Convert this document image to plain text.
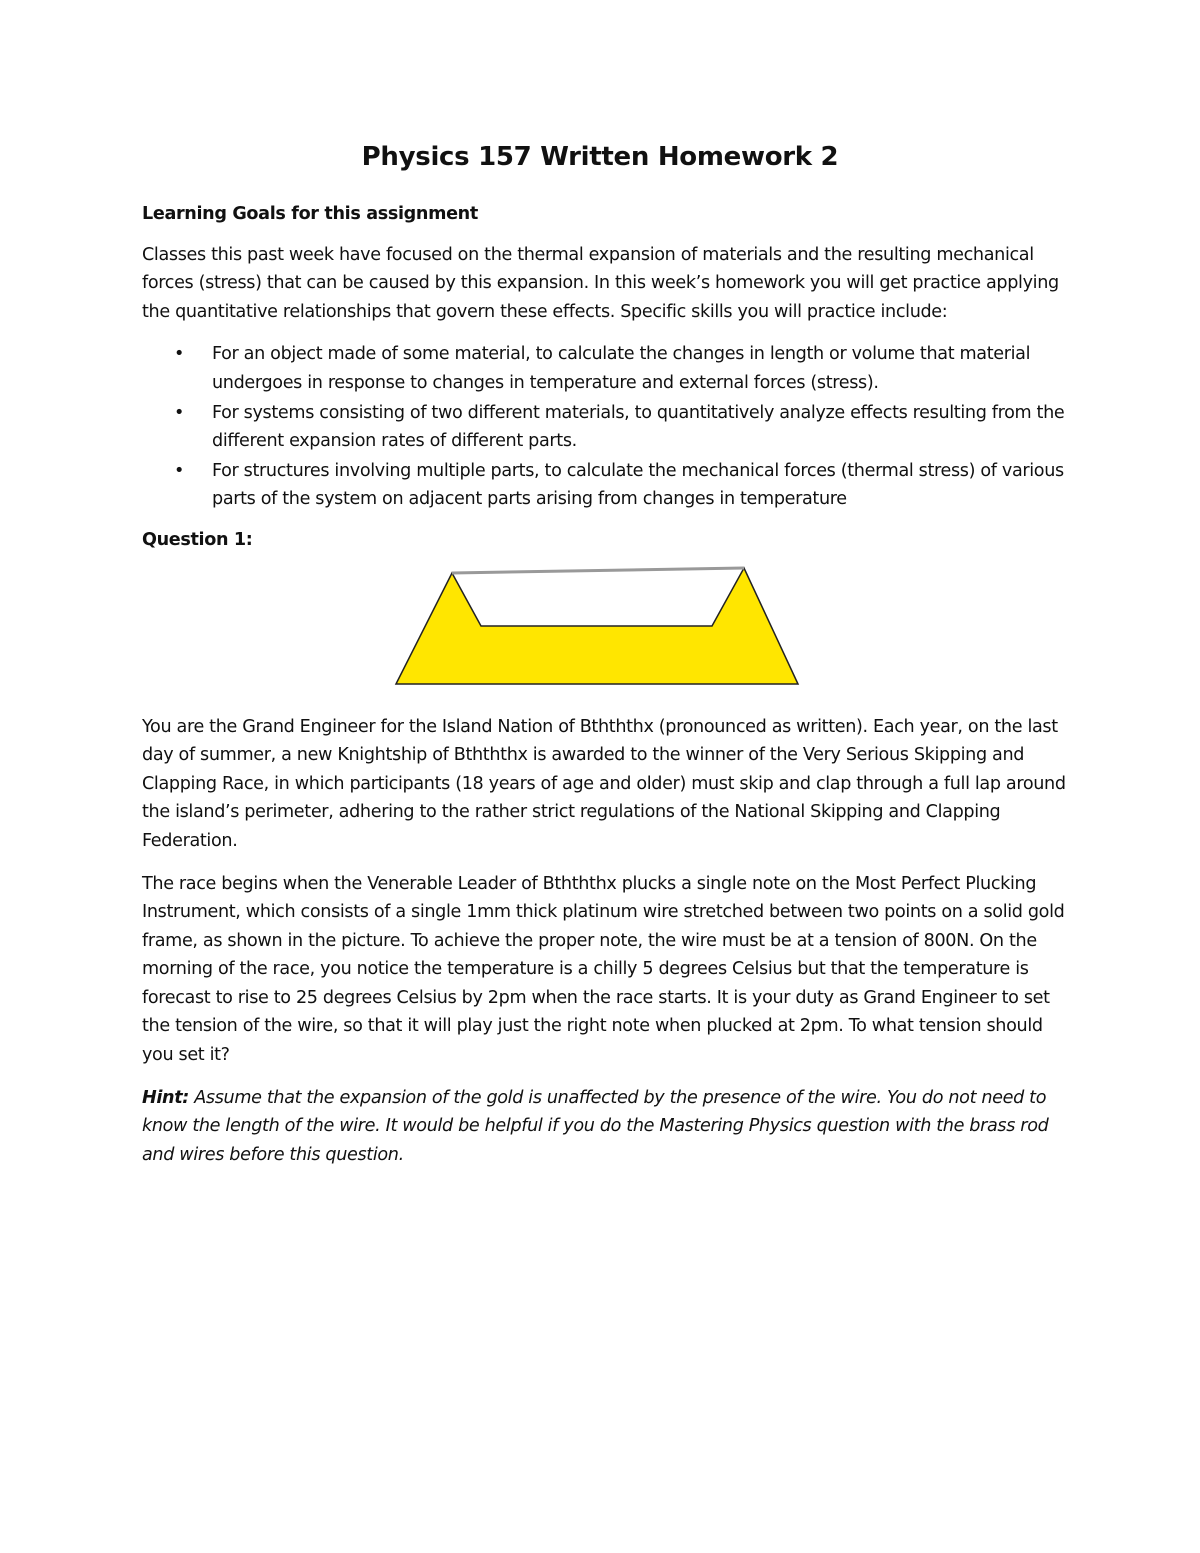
Physics 157 Written Homework 2

Learning Goals for this assignment

Classes this past week have focused on the thermal expansion of materials and the resulting mechanical forces (stress) that can be caused by this expansion. In this week’s homework you will get practice applying the quantitative relationships that govern these effects. Specific skills you will practice include:

• For an object made of some material, to calculate the changes in length or volume that material undergoes in response to changes in temperature and external forces (stress).
• For systems consisting of two different materials, to quantitatively analyze effects resulting from the different expansion rates of different parts.
• For structures involving multiple parts, to calculate the mechanical forces (thermal stress) of various parts of the system on adjacent parts arising from changes in temperature

Question 1:

You are the Grand Engineer for the Island Nation of Bthththx (pronounced as written). Each year, on the last day of summer, a new Knightship of Bthththx is awarded to the winner of the Very Serious Skipping and Clapping Race, in which participants (18 years of age and older) must skip and clap through a full lap around the island’s perimeter, adhering to the rather strict regulations of the National Skipping and Clapping Federation.

The race begins when the Venerable Leader of Bthththx plucks a single note on the Most Perfect Plucking Instrument, which consists of a single 1mm thick platinum wire stretched between two points on a solid gold frame, as shown in the picture. To achieve the proper note, the wire must be at a tension of 800N. On the morning of the race, you notice the temperature is a chilly 5 degrees Celsius but that the temperature is forecast to rise to 25 degrees Celsius by 2pm when the race starts. It is your duty as Grand Engineer to set the tension of the wire, so that it will play just the right note when plucked at 2pm. To what tension should you set it?

Hint: Assume that the expansion of the gold is unaffected by the presence of the wire. You do not need to know the length of the wire. It would be helpful if you do the Mastering Physics question with the brass rod and wires before this question.
